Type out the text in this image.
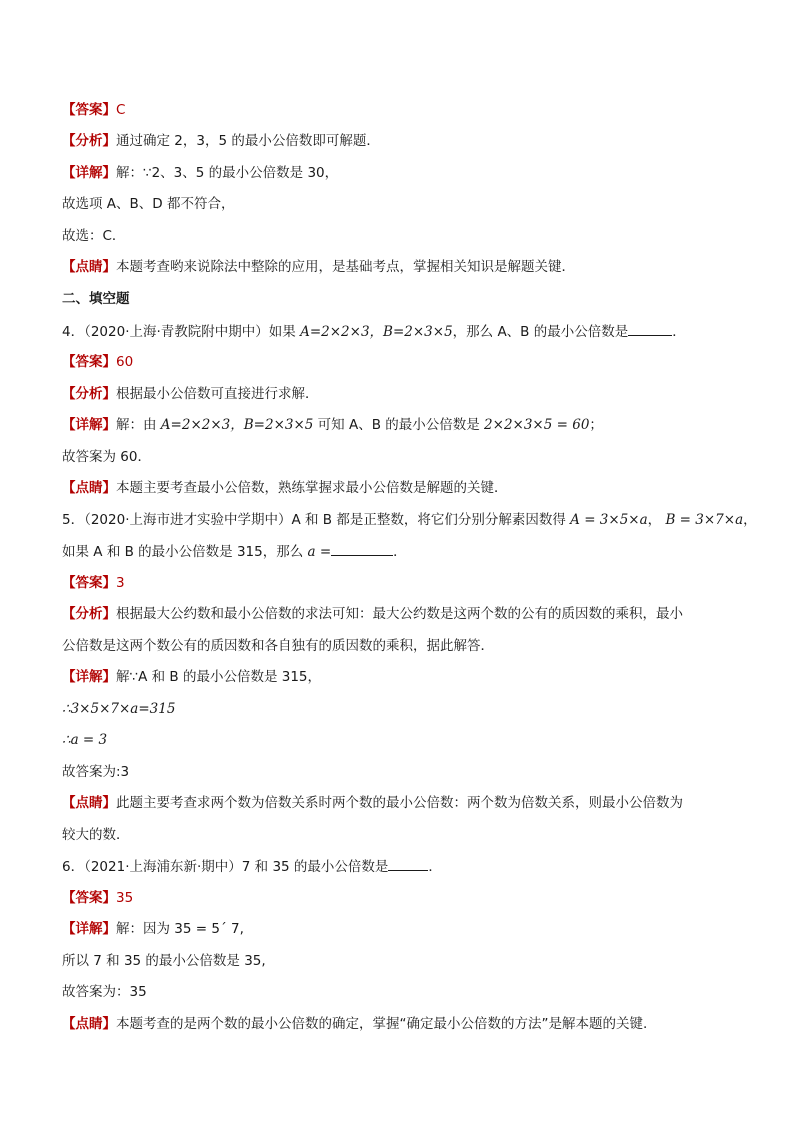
【答案】C
【分析】通过确定 2，3，5 的最小公倍数即可解题．
【详解】解：∵2、3、5 的最小公倍数是 30，
故选项 A、B、D 都不符合，
故选：C．
【点睛】本题考查哟来说除法中整除的应用，是基础考点，掌握相关知识是解题关键．
二、填空题
4．（2020·上海·青教院附中期中）如果 A=2×2×3，B=2×3×5，那么 A、B 的最小公倍数是	．
【答案】60
【分析】根据最小公倍数可直接进行求解．
【详解】解：由 A=2×2×3，B=2×3×5 可知 A、B 的最小公倍数是 2×2×3×5 = 60；
故答案为 60．
【点睛】本题主要考查最小公倍数，熟练掌握求最小公倍数是解题的关键．
5．（2020·上海市进才实验中学期中）A 和 B 都是正整数，将它们分别分解素因数得 A = 3×5×a， B = 3×7×a，
如果 A 和 B 的最小公倍数是 315，那么 a =	．
【答案】3
【分析】根据最大公约数和最小公倍数的求法可知：最大公约数是这两个数的公有的质因数的乘积，最小
公倍数是这两个数公有的质因数和各自独有的质因数的乘积，据此解答．
【详解】解∵A 和 B 的最小公倍数是 315，
∴3×5×7×a=315
∴a = 3
故答案为:3
【点睛】此题主要考查求两个数为倍数关系时两个数的最小公倍数：两个数为倍数关系，则最小公倍数为
较大的数．
6．（2021·上海浦东新·期中）7 和 35 的最小公倍数是	．
【答案】35
【详解】解：因为 35 = 5´ 7,
所以 7 和 35 的最小公倍数是 35,
故答案为：35
【点睛】本题考查的是两个数的最小公倍数的确定，掌握“确定最小公倍数的方法”是解本题的关键.
